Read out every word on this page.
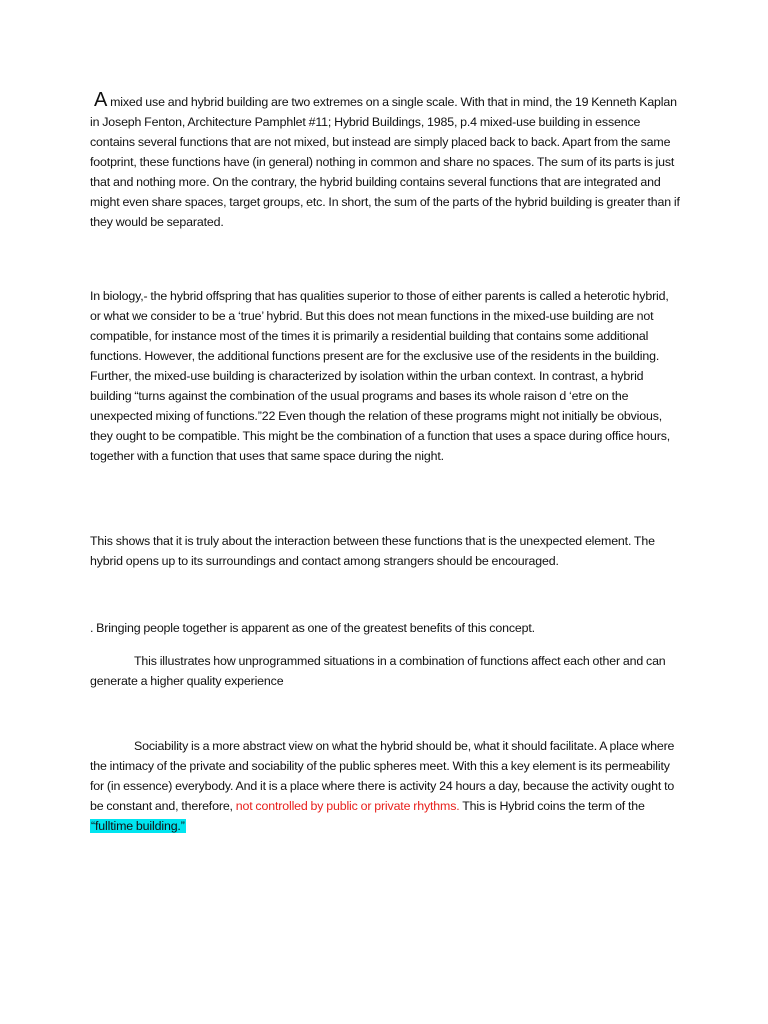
A mixed use and hybrid building are two extremes on a single scale. With that in mind, the 19 Kenneth Kaplan in Joseph Fenton, Architecture Pamphlet #11; Hybrid Buildings, 1985, p.4 mixed-use building in essence contains several functions that are not mixed, but instead are simply placed back to back. Apart from the same footprint, these functions have (in general) nothing in common and share no spaces. The sum of its parts is just that and nothing more. On the contrary, the hybrid building contains several functions that are integrated and might even share spaces, target groups, etc. In short, the sum of the parts of the hybrid building is greater than if they would be separated.

In biology,- the hybrid offspring that has qualities superior to those of either parents is called a heterotic hybrid, or what we consider to be a ‘true’ hybrid. But this does not mean functions in the mixed-use building are not compatible, for instance most of the times it is primarily a residential building that contains some additional functions. However, the additional functions present are for the exclusive use of the residents in the building. Further, the mixed-use building is characterized by isolation within the urban context. In contrast, a hybrid building “turns against the combination of the usual programs and bases its whole raison d ‘etre on the unexpected mixing of functions.”22 Even though the relation of these programs might not initially be obvious, they ought to be compatible. This might be the combination of a function that uses a space during office hours, together with a function that uses that same space during the night.

This shows that it is truly about the interaction between these functions that is the unexpected element. The hybrid opens up to its surroundings and contact among strangers should be encouraged.

. Bringing people together is apparent as one of the greatest benefits of this concept.

This illustrates how unprogrammed situations in a combination of functions affect each other and can generate a higher quality experience

Sociability is a more abstract view on what the hybrid should be, what it should facilitate. A place where the intimacy of the private and sociability of the public spheres meet. With this a key element is its permeability for (in essence) everybody. And it is a place where there is activity 24 hours a day, because the activity ought to be constant and, therefore, not controlled by public or private rhythms. This is Hybrid coins the term of the “fulltime building.”
